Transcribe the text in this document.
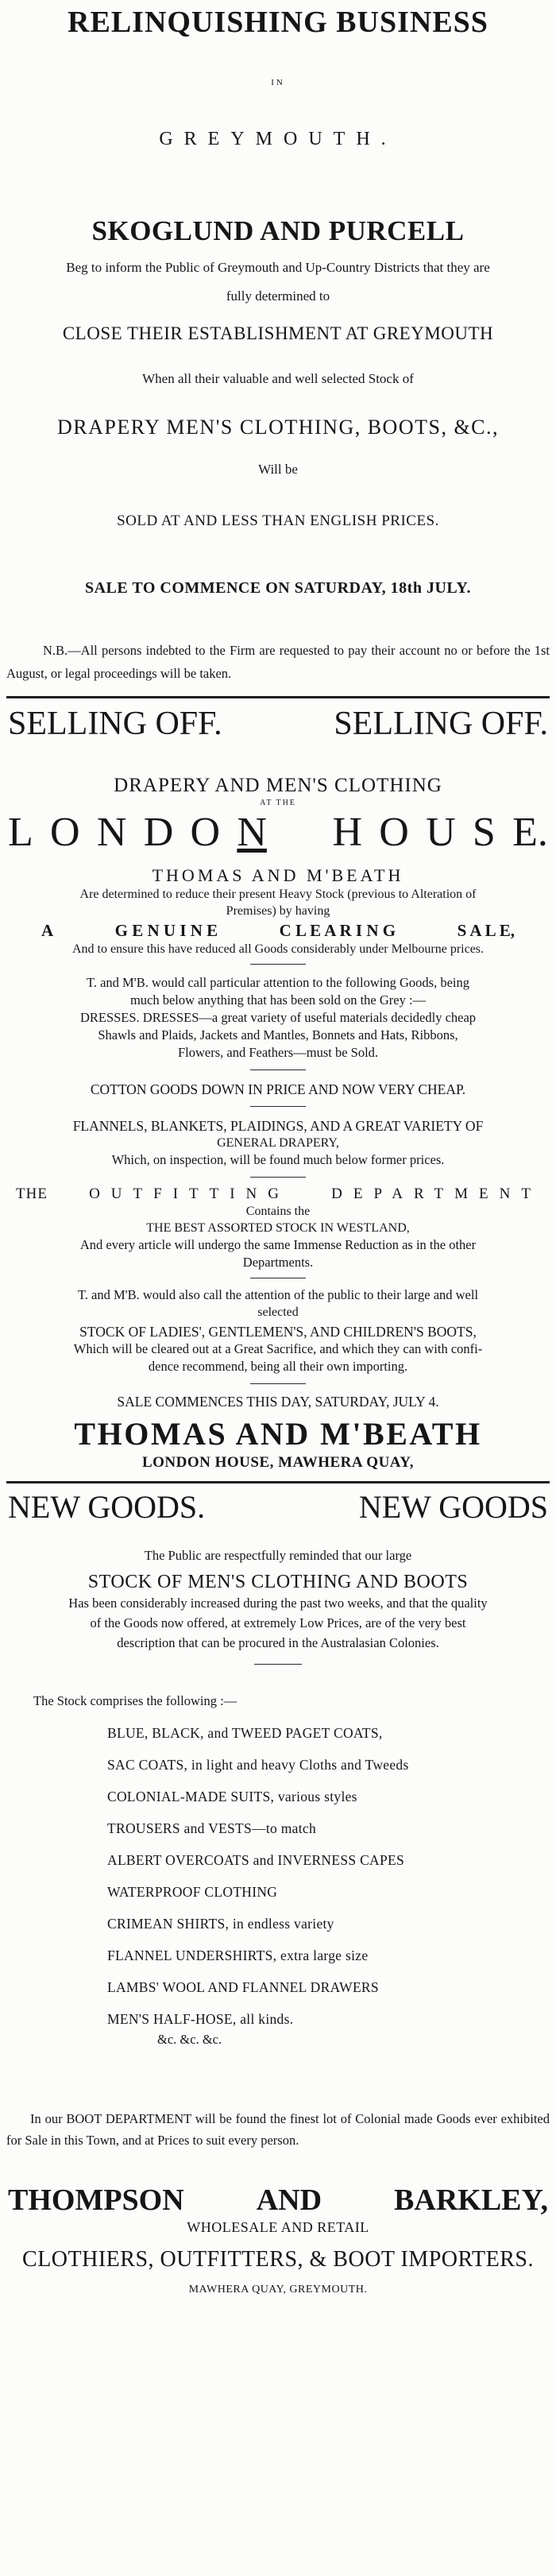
RELINQUISHING BUSINESS
IN
GREYMOUTH.
SKOGLUND AND PURCELL
Beg to inform the Public of Greymouth and Up-Country Districts that they are
fully determined to
CLOSE THEIR ESTABLISHMENT AT GREYMOUTH
When all their valuable and well selected Stock of
DRAPERY MEN'S CLOTHING, BOOTS, &C.,
Will be
SOLD AT AND LESS THAN ENGLISH PRICES.
SALE TO COMMENCE ON SATURDAY, 18th JULY.
N.B.—All persons indebted to the Firm are requested to pay their account no or before the 1st August, or legal proceedings will be taken.
SELLING OFF.	SELLING OFF.
DRAPERY AND MEN'S CLOTHING
AT THE
L O N D O N H O U S E.
THOMAS AND M'BEATH
Are determined to reduce their present Heavy Stock (previous to Alteration of
Premises) by having
A	G E N U I N E	C L E A R I N G	S A L E,
And to ensure this have reduced all Goods considerably under Melbourne prices.
T. and M'B. would call particular attention to the following Goods, being
much below anything that has been sold on the Grey :—
DRESSES. DRESSES—a great variety of useful materials decidedly cheap
Shawls and Plaids, Jackets and Mantles, Bonnets and Hats, Ribbons,
Flowers, and Feathers—must be Sold.
COTTON GOODS DOWN IN PRICE AND NOW VERY CHEAP.
FLANNELS, BLANKETS, PLAIDINGS, AND A GREAT VARIETY OF
GENERAL DRAPERY,
Which, on inspection, will be found much below former prices.
THE	OUTFITTING	DEPARTMENT
Contains the
THE BEST ASSORTED STOCK IN WESTLAND,
And every article will undergo the same Immense Reduction as in the other
Departments.
T. and M'B. would also call the attention of the public to their large and well
selected
STOCK OF LADIES', GENTLEMEN'S, AND CHILDREN'S BOOTS,
Which will be cleared out at a Great Sacrifice, and which they can with confi-
dence recommend, being all their own importing.
SALE COMMENCES THIS DAY, SATURDAY, JULY 4.
THOMAS AND M'BEATH
LONDON HOUSE, MAWHERA QUAY,
NEW GOODS.	NEW GOODS
The Public are respectfully reminded that our large
STOCK OF MEN'S CLOTHING AND BOOTS
Has been considerably increased during the past two weeks, and that the quality
of the Goods now offered, at extremely Low Prices, are of the very best
description that can be procured in the Australasian Colonies.
The Stock comprises the following :—
BLUE, BLACK, and TWEED PAGET COATS,
SAC COATS, in light and heavy Cloths and Tweeds
COLONIAL-MADE SUITS, various styles
TROUSERS and VESTS—to match
ALBERT OVERCOATS and INVERNESS CAPES
WATERPROOF CLOTHING
CRIMEAN SHIRTS, in endless variety
FLANNEL UNDERSHIRTS, extra large size
LAMBS' WOOL AND FLANNEL DRAWERS
MEN'S HALF-HOSE, all kinds.
&c. &c. &c.
In our BOOT DEPARTMENT will be found the finest lot of Colonial made Goods ever exhibited for Sale in this Town, and at Prices to suit every person.
THOMPSON AND BARKLEY,
WHOLESALE AND RETAIL
CLOTHIERS, OUTFITTERS, & BOOT IMPORTERS.
MAWHERA QUAY, GREYMOUTH.
